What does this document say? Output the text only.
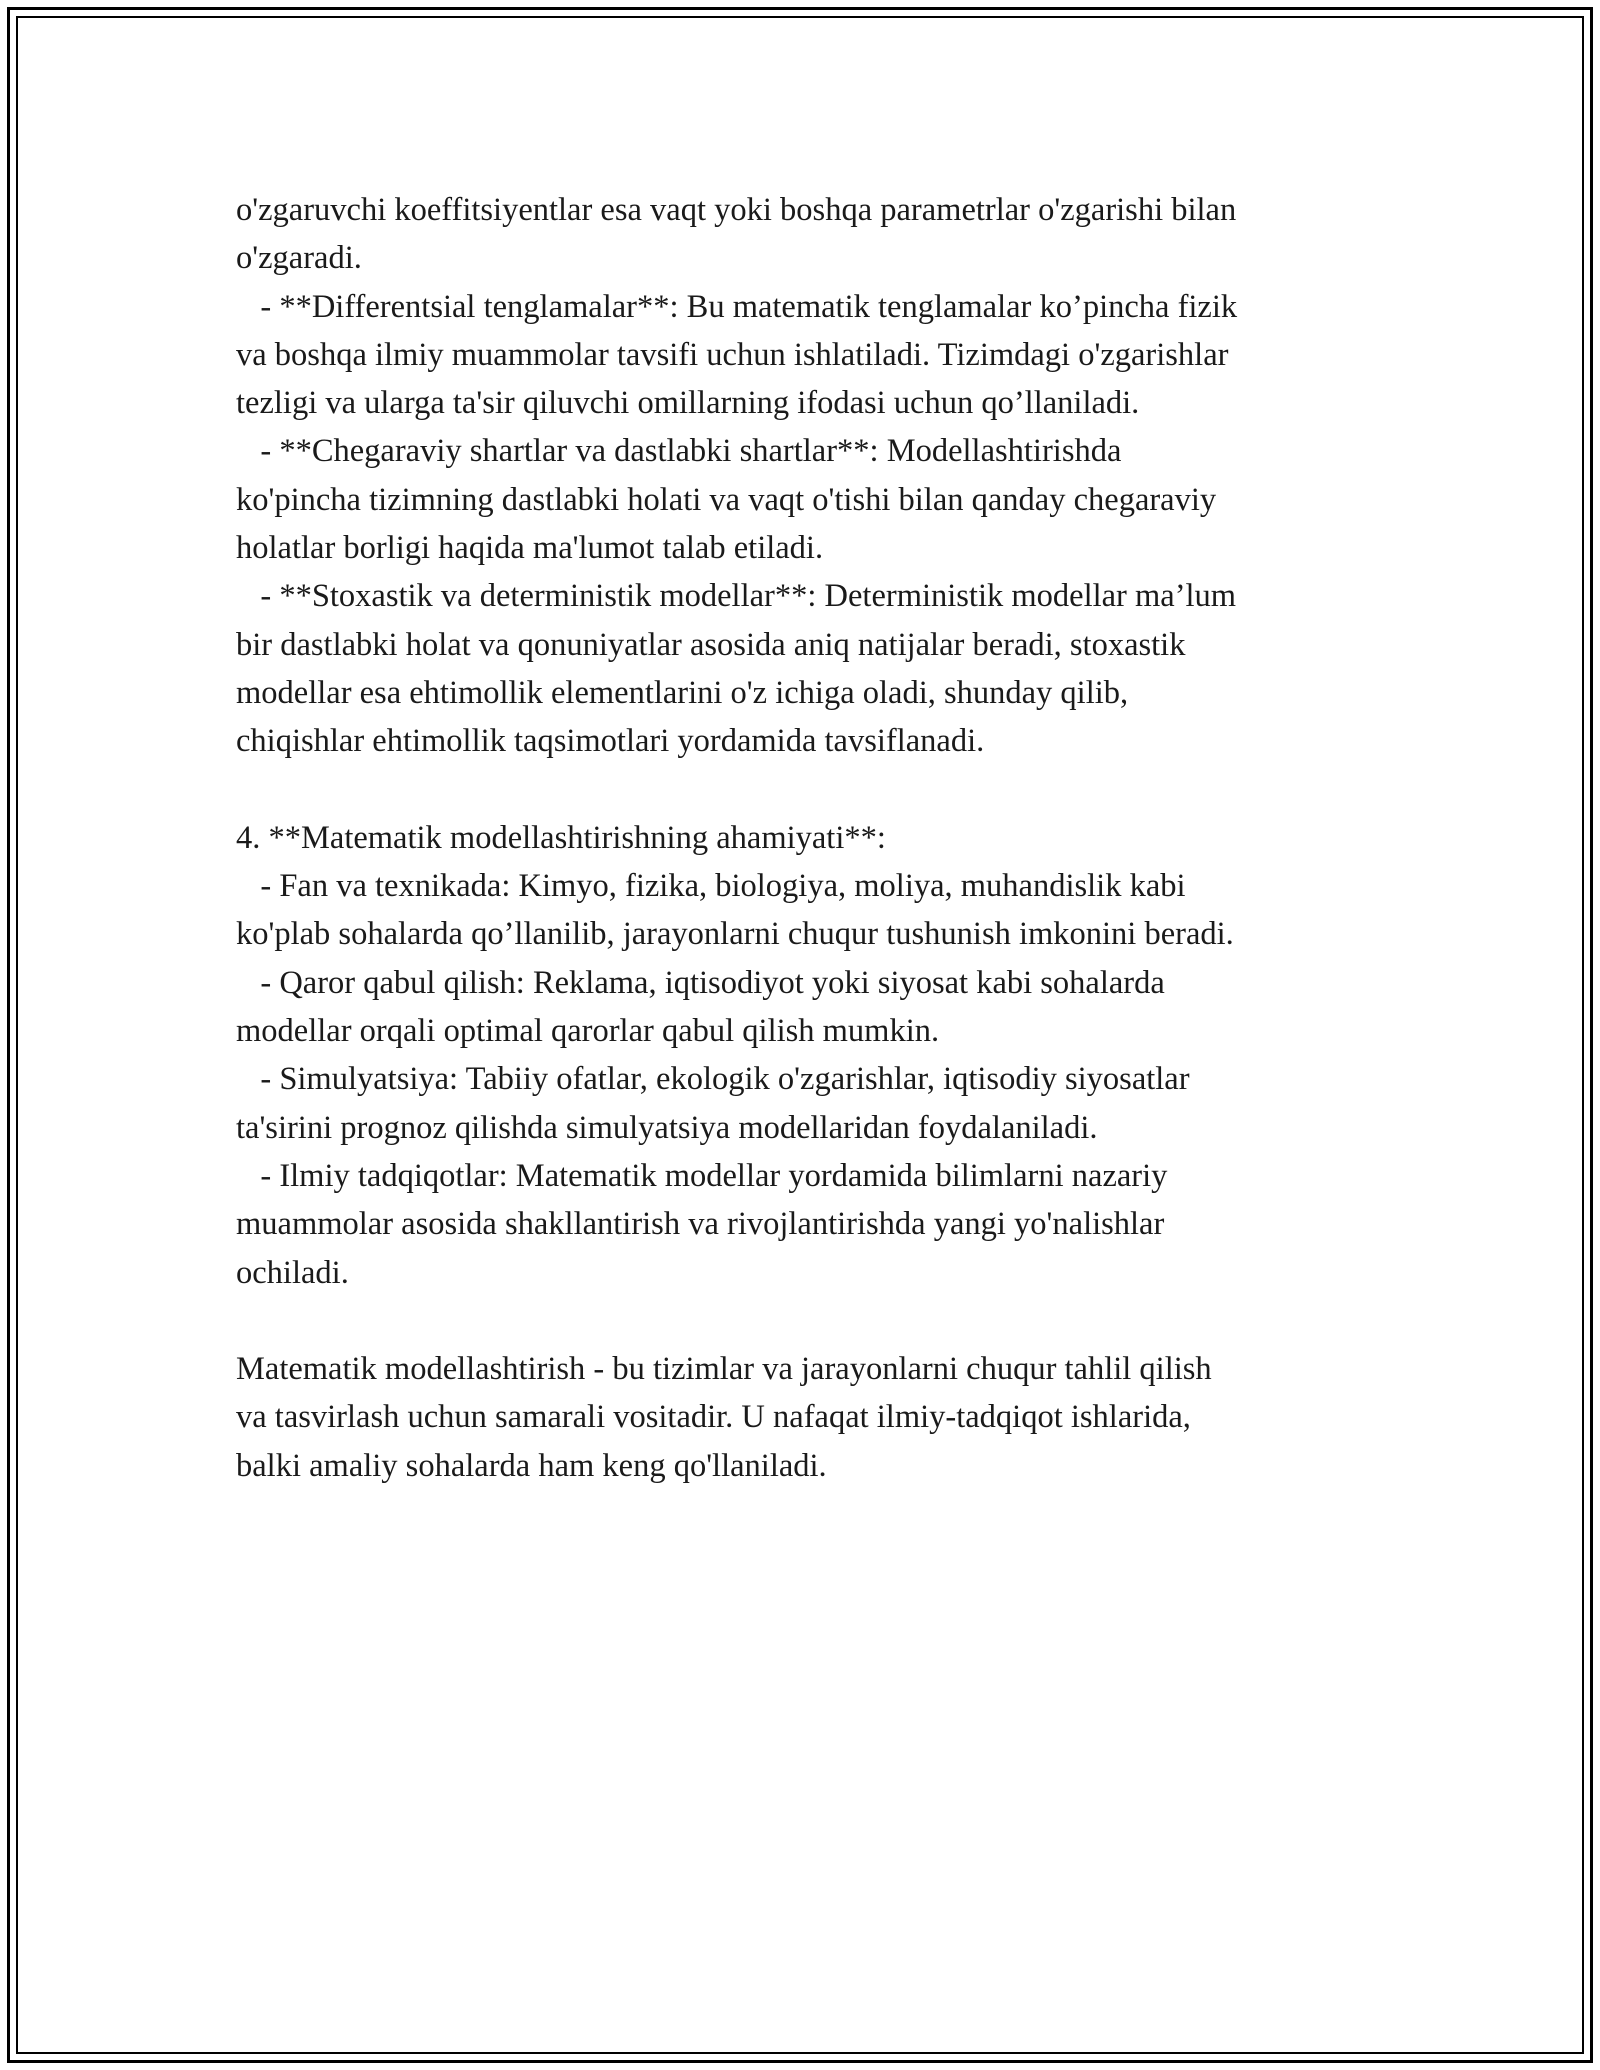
o'zgaruvchi koeffitsiyentlar esa vaqt yoki boshqa parametrlar o'zgarishi bilan
o'zgaradi.
- **Differentsial tenglamalar**: Bu matematik tenglamalar ko’pincha fizik
va boshqa ilmiy muammolar tavsifi uchun ishlatiladi. Tizimdagi o'zgarishlar
tezligi va ularga ta'sir qiluvchi omillarning ifodasi uchun qo’llaniladi.
- **Chegaraviy shartlar va dastlabki shartlar**: Modellashtirishda
ko'pincha tizimning dastlabki holati va vaqt o'tishi bilan qanday chegaraviy
holatlar borligi haqida ma'lumot talab etiladi.
- **Stoxastik va deterministik modellar**: Deterministik modellar ma’lum
bir dastlabki holat va qonuniyatlar asosida aniq natijalar beradi, stoxastik
modellar esa ehtimollik elementlarini o'z ichiga oladi, shunday qilib,
chiqishlar ehtimollik taqsimotlari yordamida tavsiflanadi.
4. **Matematik modellashtirishning ahamiyati**:
- Fan va texnikada: Kimyo, fizika, biologiya, moliya, muhandislik kabi
ko'plab sohalarda qo’llanilib, jarayonlarni chuqur tushunish imkonini beradi.
- Qaror qabul qilish: Reklama, iqtisodiyot yoki siyosat kabi sohalarda
modellar orqali optimal qarorlar qabul qilish mumkin.
- Simulyatsiya: Tabiiy ofatlar, ekologik o'zgarishlar, iqtisodiy siyosatlar
ta'sirini prognoz qilishda simulyatsiya modellaridan foydalaniladi.
- Ilmiy tadqiqotlar: Matematik modellar yordamida bilimlarni nazariy
muammolar asosida shakllantirish va rivojlantirishda yangi yo'nalishlar
ochiladi.
Matematik modellashtirish - bu tizimlar va jarayonlarni chuqur tahlil qilish
va tasvirlash uchun samarali vositadir. U nafaqat ilmiy-tadqiqot ishlarida,
balki amaliy sohalarda ham keng qo'llaniladi.
